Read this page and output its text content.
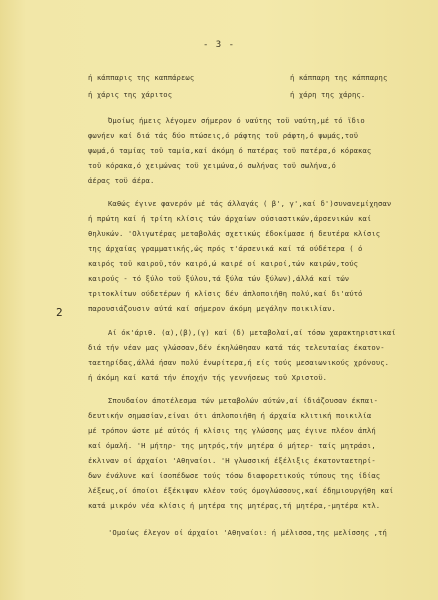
- 3 -
ή κάππαρις της καππάρεως	ή κάππαρη της κάππαρης
ή χάρις της χάριτος	ή χάρη της χάρης.
Όμοίως ήμεις λέγομεν σήμερον ό ναύτης τοϋ ναύτη,μέ τό ϊδιο
φωνήεν καί διά τάς δύο πτώσεις,ό ράφτης τοϋ ράφτη,ό ψωμάς,τοϋ
ψωμά,ό ταμίας τοϋ ταμία,καί άκόμη ό πατέρας τοϋ πατέρα,ό κόρακας
τοϋ κόρακα,ό χειμώνας τοϋ χειμώνα,ό σωλήνας τοϋ σωλήνα,ό
άέρας τοϋ άέρα.
Καθώς έγινε φανερόν μέ τάς άλλαγάς ( β', γ',καί δ')συνανεμίχησαν
ή πρώτη καί ή τρίτη κλίσις τών άρχαίων ούσιαστικών,άρσενικών καί
θηλυκών. 'Ολιγωτέρας μεταβολάς σχετικώς έδοκίμασε ή δευτέρα κλίσις
της άρχαίας γραμματικής,ώς πρός τ'άρσενικά καί τά ούδέτερα ( ό
καιρός τοϋ καιροϋ,τόν καιρό,ώ καιρέ οί καιροί,τών καιρών,τούς
καιρούς - τό ξύλο τοϋ ξύλου,τά ξύλα τών ξύλων),άλλά καί τών
τριτοκλίτων ούδετέρων ή κλίσις δέν άπλοποιήθη πολύ,καί δι'αύτό
παρουσιάζουσιν αύτά καί σήμερον άκόμη μεγάλην ποικιλίαν.
Αί όκ'άριθ. (α),(β),(γ) καί (δ) μεταβολαί,αί τόσω χαρακτηριστικαί
διά τήν νέαν μας γλώσσαν,δέν έκηλώθησαν κατά τάς τελευταίας έκατον-
ταετηρίδας,άλλά ήσαν πολύ ένωρίτερα,ή είς τούς μεσαιωνικούς χρόνους.
ή άκόμη καί κατά τήν έποχήν τής γεννήσεως τοϋ Χριστοϋ.
Σπουδαίον άποτέλεσμα τών μεταβολών αύτών,αί ίδιάζουσαν έκπαι-
δευτικήν σημασίαν,είναι ότι άπλοποιήθη ή άρχαία κλιτική ποικιλία
μέ τρόπον ώστε μέ αύτός ή κλίσις της γλώσσης μας έγινε πλέον άπλή
καί όμαλή. 'Η μήτηρ- της μητρός,τήν μητέρα ό μήτερ- ταίς μητράσι,
έκλιναν οί άρχαίοι 'Αθηναίοι. 'Η γλωσσική έξέλιξις έκατονταετηρί-
δων ένάλυνε καί ίσοπέδωσε τούς τόσω διαφορετικούς τύπους της ίδίας
λέξεως,οί όποίοι έξέκιψαν κλέον τούς όμογλώσσους,καί έδημιουργήθη καί
κατά μικρόν νέα κλίσις ή μητέρα της μητέρας,τή μητέρα,-μητέρα κτλ.
'Ομοίως έλεγον οί άρχαίοι 'Αθηναίοι: ή μέλισσα,της μελίσσης ,τή
2
